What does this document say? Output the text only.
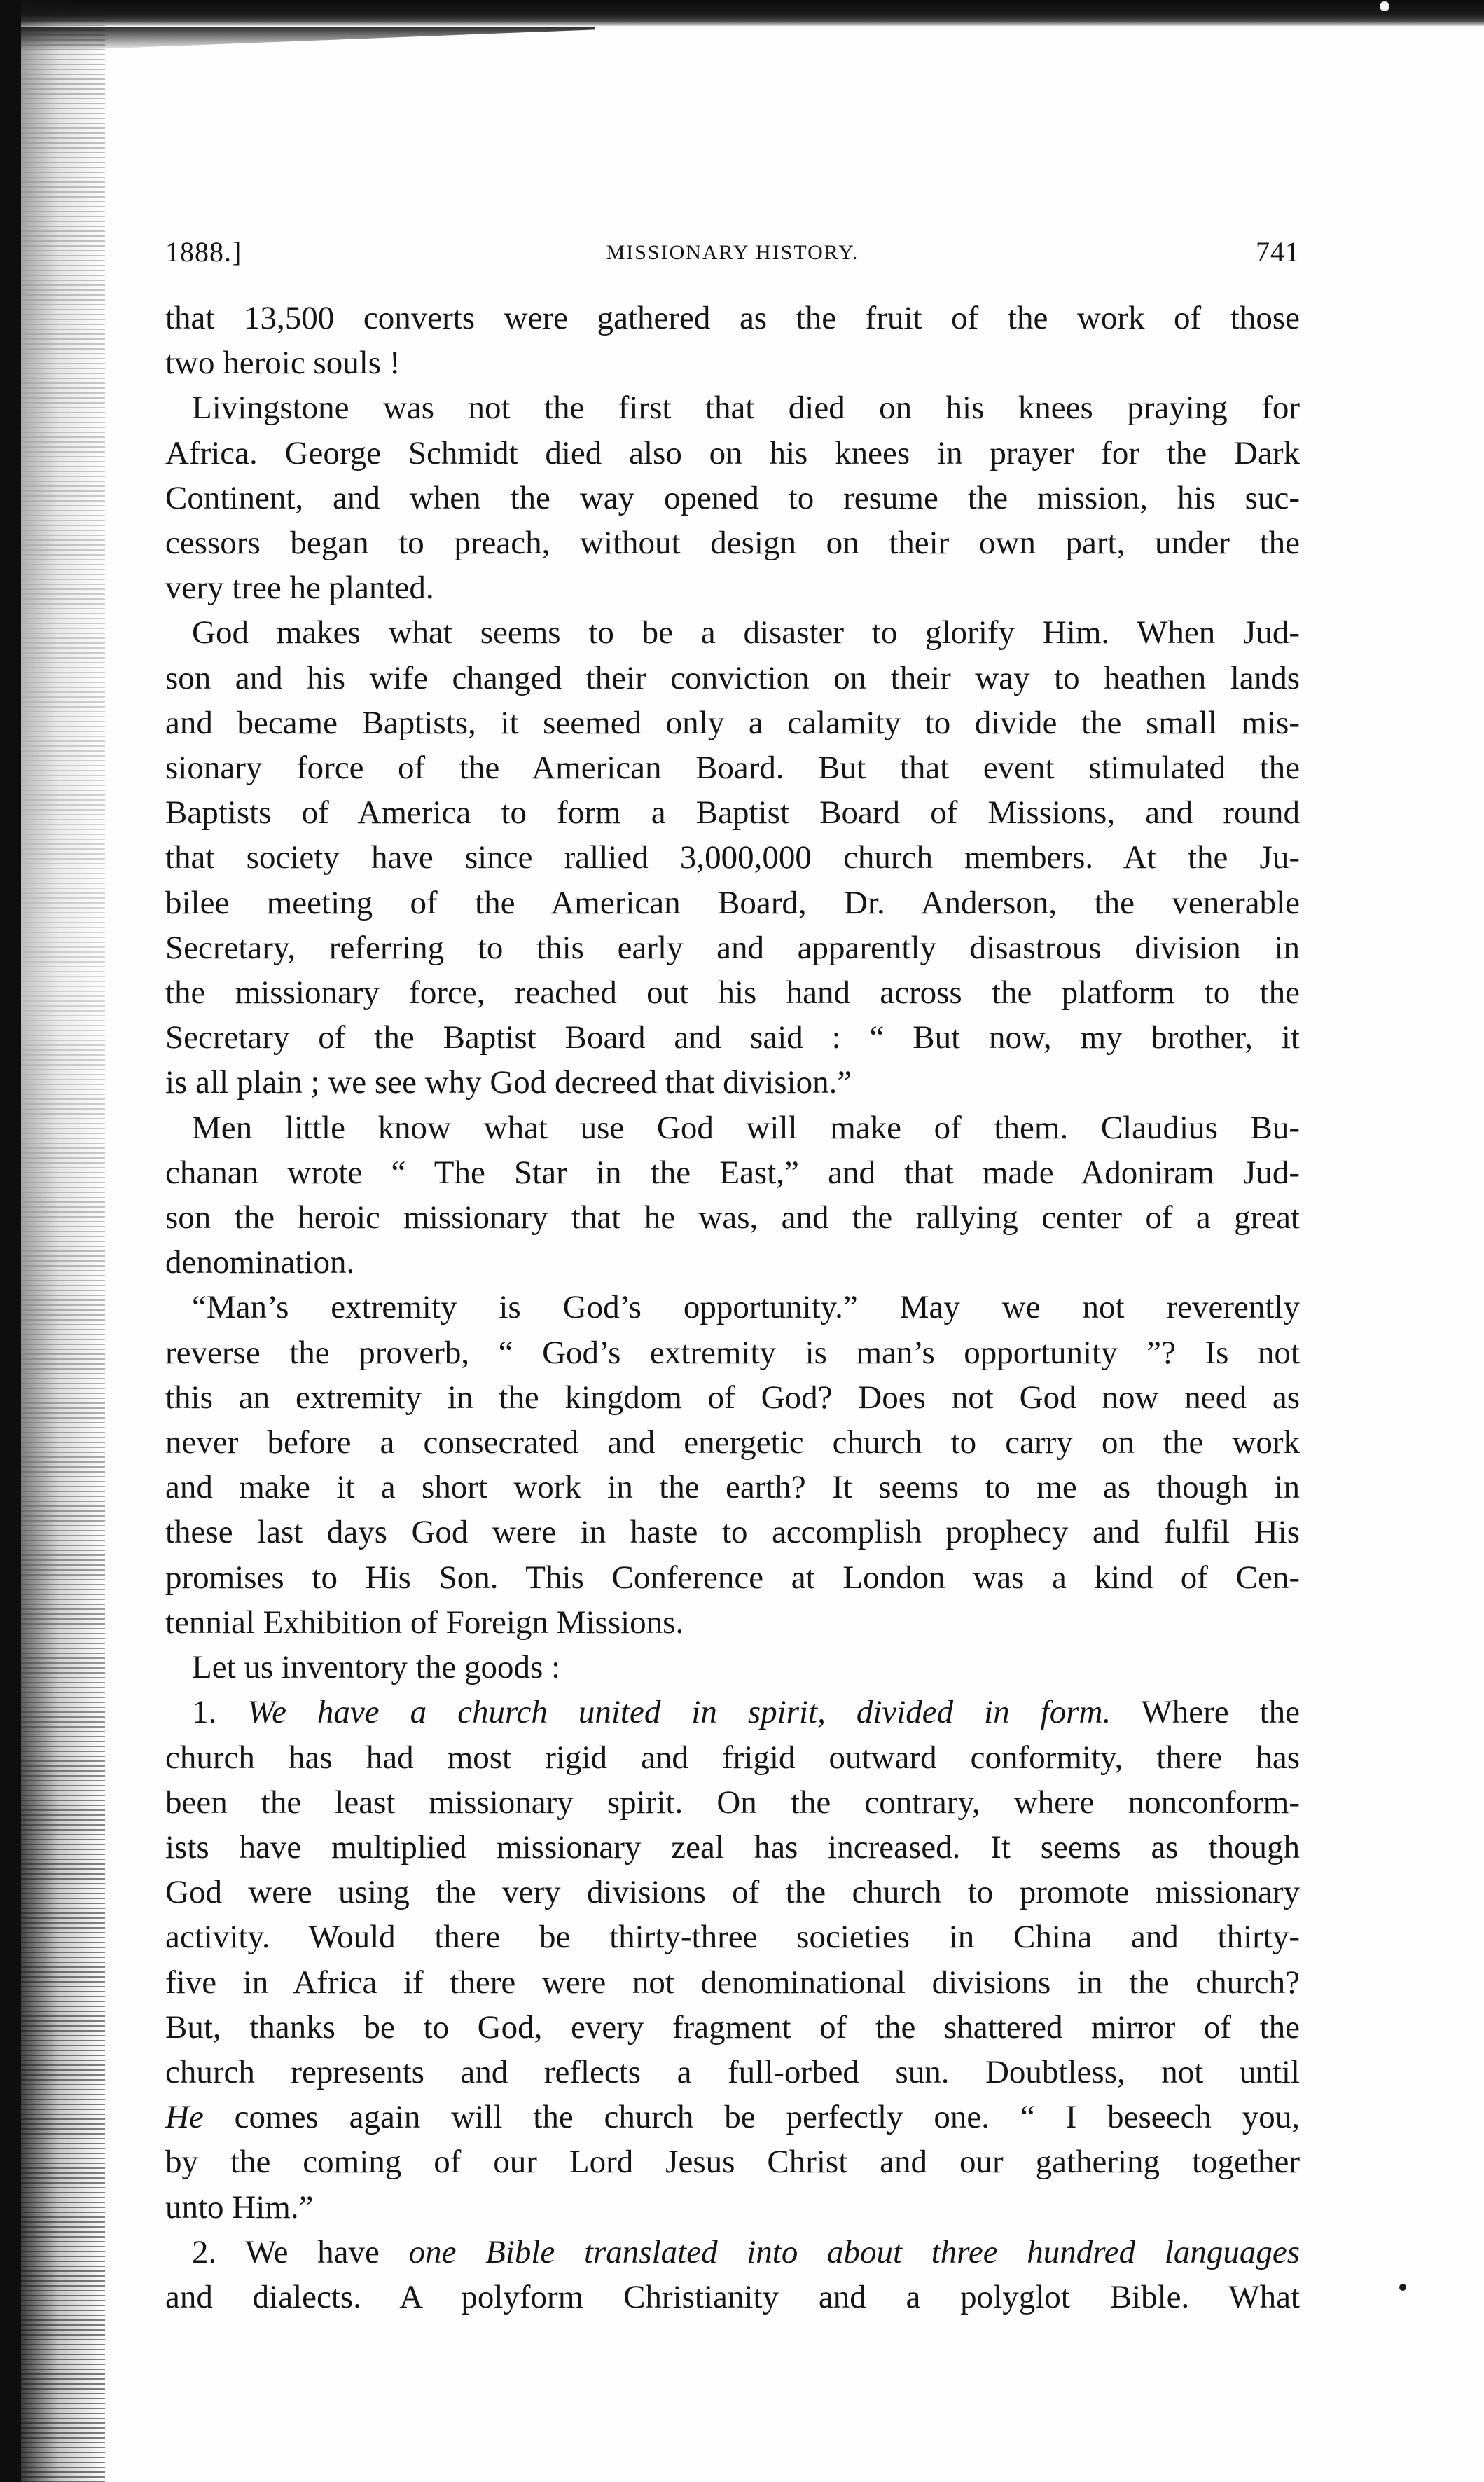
1888.]	MISSIONARY HISTORY.	741

that 13,500 converts were gathered as the fruit of the work of those

two heroic souls !

Livingstone was not the first that died on his knees praying for

Africa. George Schmidt died also on his knees in prayer for the Dark

Continent, and when the way opened to resume the mission, his suc-

cessors began to preach, without design on their own part, under the

very tree he planted.

God makes what seems to be a disaster to glorify Him. When Jud-

son and his wife changed their conviction on their way to heathen lands

and became Baptists, it seemed only a calamity to divide the small mis-

sionary force of the American Board. But that event stimulated the

Baptists of America to form a Baptist Board of Missions, and round

that society have since rallied 3,000,000 church members. At the Ju-

bilee meeting of the American Board, Dr. Anderson, the venerable

Secretary, referring to this early and apparently disastrous division in

the missionary force, reached out his hand across the platform to the

Secretary of the Baptist Board and said : “ But now, my brother, it

is all plain ; we see why God decreed that division.”

Men little know what use God will make of them. Claudius Bu-

chanan wrote “ The Star in the East,” and that made Adoniram Jud-

son the heroic missionary that he was, and the rallying center of a great

denomination.

“Man’s extremity is God’s opportunity.” May we not reverently

reverse the proverb, “ God’s extremity is man’s opportunity ”? Is not

this an extremity in the kingdom of God? Does not God now need as

never before a consecrated and energetic church to carry on the work

and make it a short work in the earth? It seems to me as though in

these last days God were in haste to accomplish prophecy and fulfil His

promises to His Son. This Conference at London was a kind of Cen-

tennial Exhibition of Foreign Missions.

Let us inventory the goods :

1. We have a church united in spirit, divided in form. Where the

church has had most rigid and frigid outward conformity, there has

been the least missionary spirit. On the contrary, where nonconform-

ists have multiplied missionary zeal has increased. It seems as though

God were using the very divisions of the church to promote missionary

activity. Would there be thirty-three societies in China and thirty-

five in Africa if there were not denominational divisions in the church?

But, thanks be to God, every fragment of the shattered mirror of the

church represents and reflects a full-orbed sun. Doubtless, not until

He comes again will the church be perfectly one. “ I beseech you,

by the coming of our Lord Jesus Christ and our gathering together

unto Him.”

2. We have one Bible translated into about three hundred languages

and dialects. A polyform Christianity and a polyglot Bible. What
